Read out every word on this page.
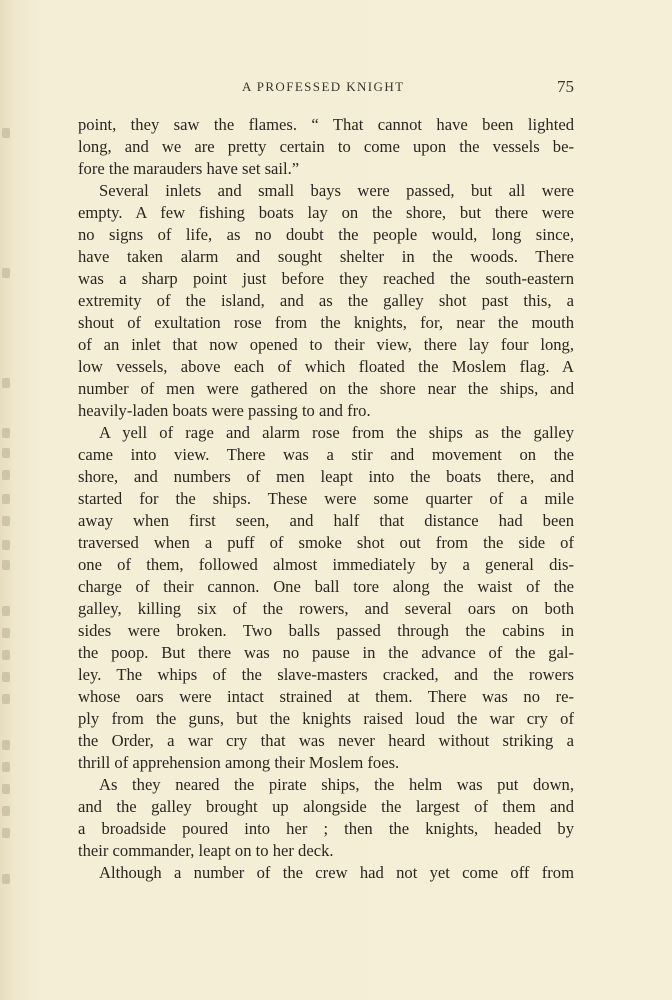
A PROFESSED KNIGHT	75
point, they saw the flames. “ That cannot have been lighted
long, and we are pretty certain to come upon the vessels be-
fore the marauders have set sail.”
Several inlets and small bays were passed, but all were
empty. A few fishing boats lay on the shore, but there were
no signs of life, as no doubt the people would, long since,
have taken alarm and sought shelter in the woods. There
was a sharp point just before they reached the south-eastern
extremity of the island, and as the galley shot past this, a
shout of exultation rose from the knights, for, near the mouth
of an inlet that now opened to their view, there lay four long,
low vessels, above each of which floated the Moslem flag. A
number of men were gathered on the shore near the ships, and
heavily-laden boats were passing to and fro.
A yell of rage and alarm rose from the ships as the galley
came into view. There was a stir and movement on the
shore, and numbers of men leapt into the boats there, and
started for the ships. These were some quarter of a mile
away when first seen, and half that distance had been
traversed when a puff of smoke shot out from the side of
one of them, followed almost immediately by a general dis-
charge of their cannon. One ball tore along the waist of the
galley, killing six of the rowers, and several oars on both
sides were broken. Two balls passed through the cabins in
the poop. But there was no pause in the advance of the gal-
ley. The whips of the slave-masters cracked, and the rowers
whose oars were intact strained at them. There was no re-
ply from the guns, but the knights raised loud the war cry of
the Order, a war cry that was never heard without striking a
thrill of apprehension among their Moslem foes.
As they neared the pirate ships, the helm was put down,
and the galley brought up alongside the largest of them and
a broadside poured into her ; then the knights, headed by
their commander, leapt on to her deck.
Although a number of the crew had not yet come off from
